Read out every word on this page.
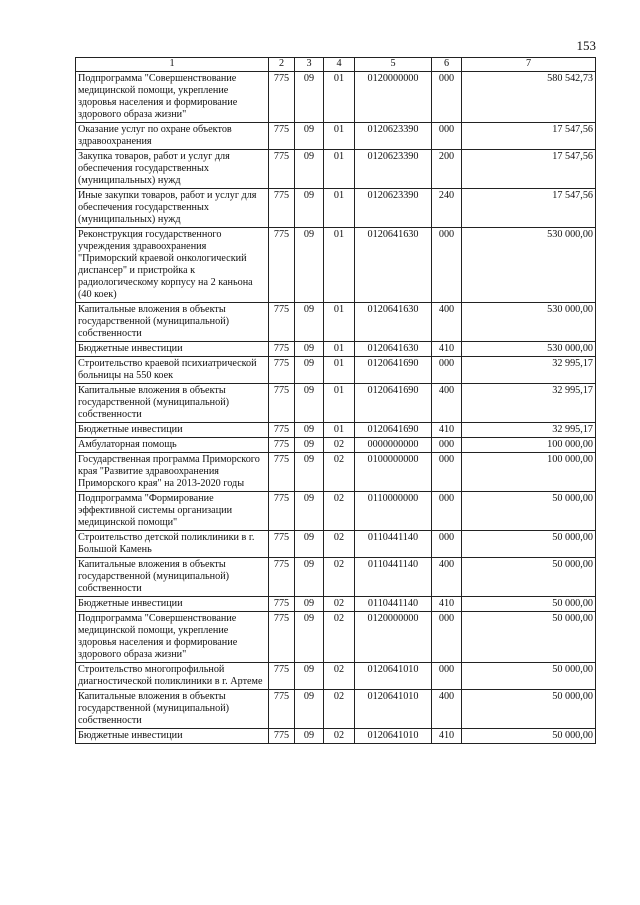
153
1	2	3	4	5	6	7
Подпрограмма "Совершенствование медицинской помощи, укрепление здоровья населения и формирование здорового образа жизни"	775	09	01	0120000000	000	580 542,73
Оказание услуг по охране объектов здравоохранения	775	09	01	0120623390	000	17 547,56
Закупка товаров, работ и услуг для обеспечения государственных (муниципальных) нужд	775	09	01	0120623390	200	17 547,56
Иные закупки товаров, работ и услуг для обеспечения государственных (муниципальных) нужд	775	09	01	0120623390	240	17 547,56
Реконструкция государственного учреждения здравоохранения "Приморский краевой онкологический диспансер" и пристройка к радиологическому корпусу на 2 каньона (40 коек)	775	09	01	0120641630	000	530 000,00
Капитальные вложения в объекты государственной (муниципальной) собственности	775	09	01	0120641630	400	530 000,00
Бюджетные инвестиции	775	09	01	0120641630	410	530 000,00
Строительство краевой психиатрической больницы на 550 коек	775	09	01	0120641690	000	32 995,17
Капитальные вложения в объекты государственной (муниципальной) собственности	775	09	01	0120641690	400	32 995,17
Бюджетные инвестиции	775	09	01	0120641690	410	32 995,17
Амбулаторная помощь	775	09	02	0000000000	000	100 000,00
Государственная программа Приморского края "Развитие здравоохранения Приморского края" на 2013-2020 годы	775	09	02	0100000000	000	100 000,00
Подпрограмма "Формирование эффективной системы организации медицинской помощи"	775	09	02	0110000000	000	50 000,00
Строительство детской поликлиники в г. Большой Камень	775	09	02	0110441140	000	50 000,00
Капитальные вложения в объекты государственной (муниципальной) собственности	775	09	02	0110441140	400	50 000,00
Бюджетные инвестиции	775	09	02	0110441140	410	50 000,00
Подпрограмма "Совершенствование медицинской помощи, укрепление здоровья населения и формирование здорового образа жизни"	775	09	02	0120000000	000	50 000,00
Строительство многопрофильной диагностической поликлиники в г. Артеме	775	09	02	0120641010	000	50 000,00
Капитальные вложения в объекты государственной (муниципальной) собственности	775	09	02	0120641010	400	50 000,00
Бюджетные инвестиции	775	09	02	0120641010	410	50 000,00
